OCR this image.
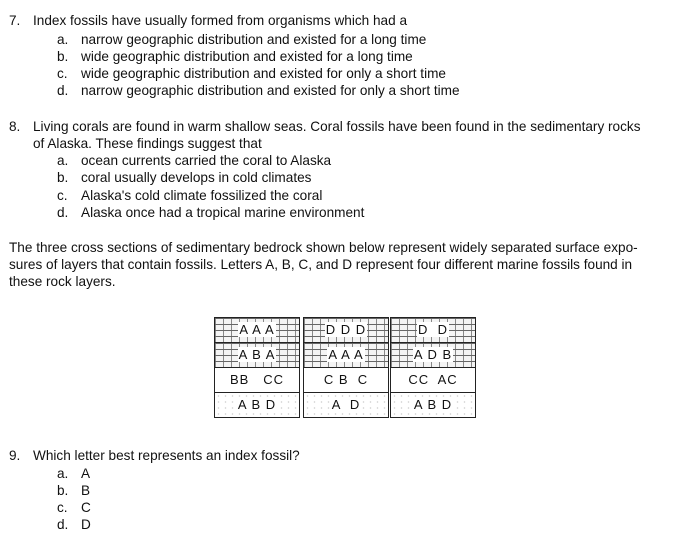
7. Index fossils have usually formed from organisms which had a
a. narrow geographic distribution and existed for a long time
b. wide geographic distribution and existed for a long time
c. wide geographic distribution and existed for only a short time
d. narrow geographic distribution and existed for only a short time
8. Living corals are found in warm shallow seas. Coral fossils have been found in the sedimentary rocks
of Alaska. These findings suggest that
a. ocean currents carried the coral to Alaska
b. coral usually develops in cold climates
c. Alaska's cold climate fossilized the coral
d. Alaska once had a tropical marine environment
The three cross sections of sedimentary bedrock shown below represent widely separated surface expo-
sures of layers that contain fossils. Letters A, B, C, and D represent four different marine fossils found in
these rock layers.
A A A
A B A
BB   CC
A B D
D D D
A A A
C B  C
A  D
D  D
A D B
CC  AC
A B D
9. Which letter best represents an index fossil?
a. A
b. B
c. C
d. D
